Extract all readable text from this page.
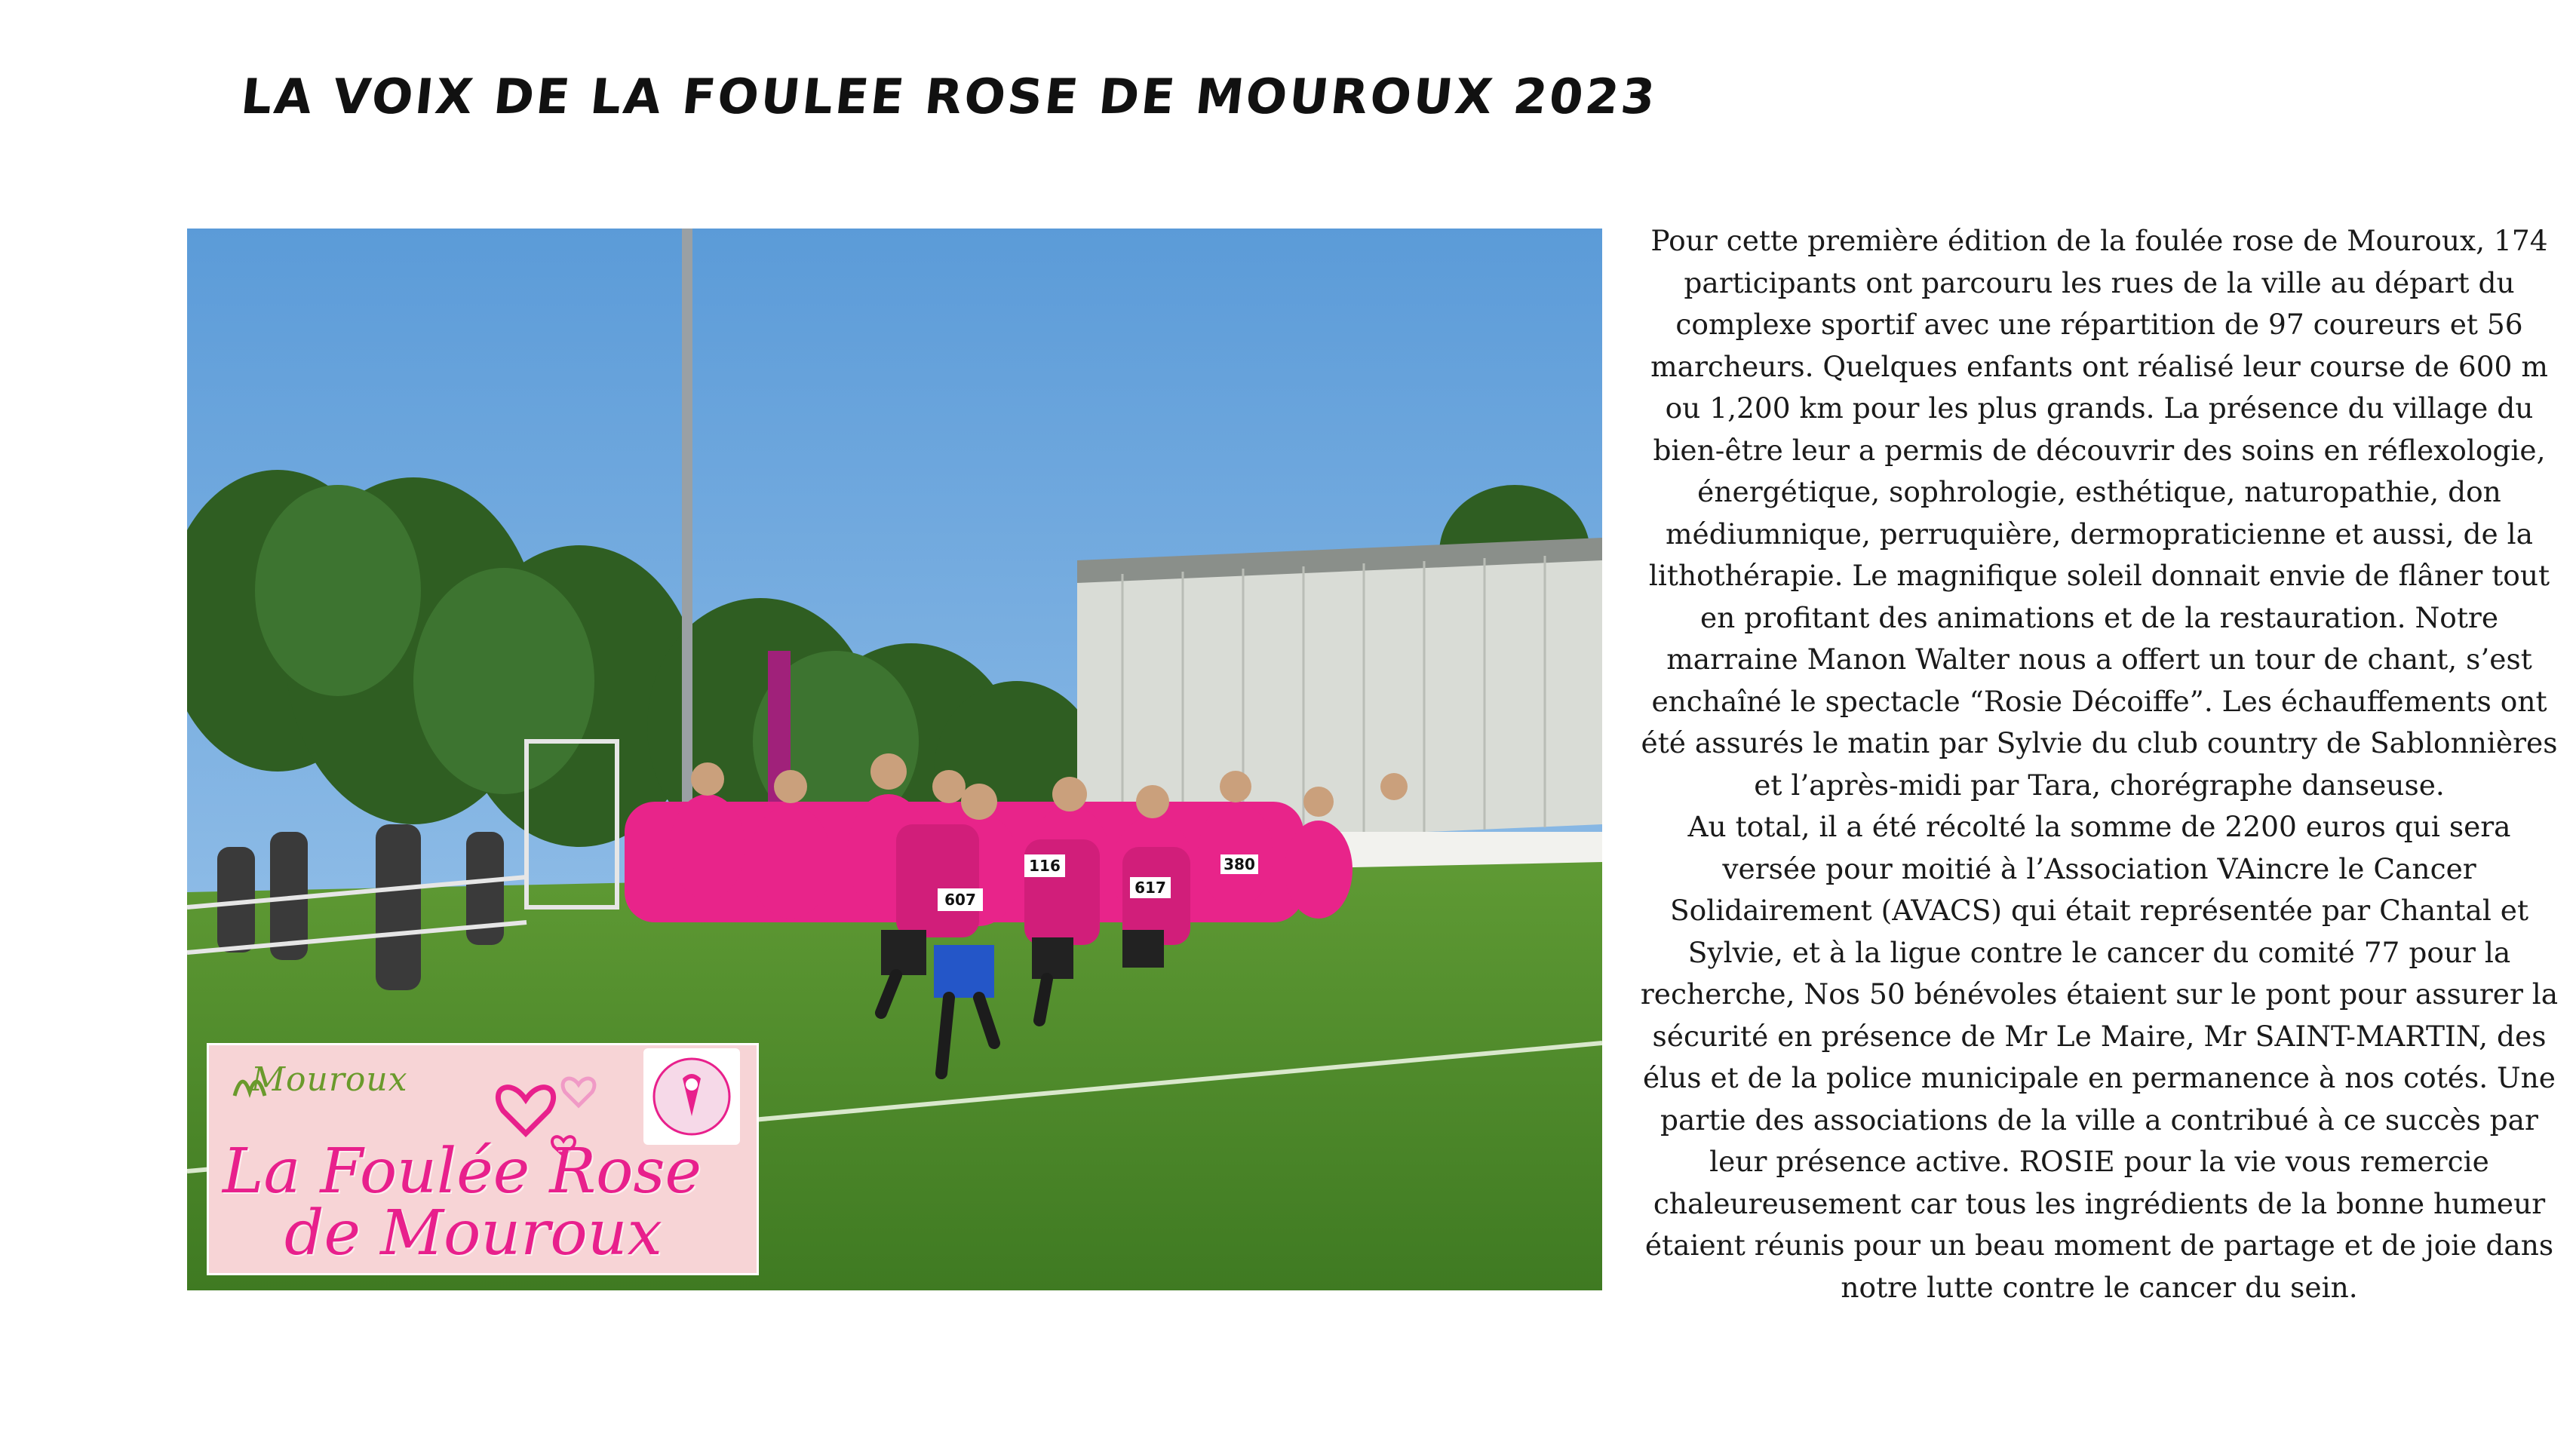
LA VOIX DE LA FOULEE ROSE DE MOUROUX 2023
607
116
617
380
Mouroux
La Foulée Rose
de Mouroux

Pour cette première édition de la foulée rose de Mouroux, 174 participants ont parcouru les rues de la ville au départ du complexe sportif avec une répartition de 97 coureurs et 56 marcheurs. Quelques enfants ont réalisé leur course de 600 m ou 1,200 km pour les plus grands. La présence du village du bien-être leur a permis de découvrir des soins en réflexologie, énergétique, sophrologie, esthétique, naturopathie, don médiumnique, perruquière, dermopraticienne et aussi, de la lithothérapie. Le magnifique soleil donnait envie de flâner tout en profitant des animations et de la restauration. Notre marraine Manon Walter nous a offert un tour de chant, s’est enchaîné le spectacle “Rosie Décoiffe”. Les échauffements ont été assurés le matin par Sylvie du club country de Sablonnières et l’après-midi par Tara, chorégraphe danseuse.

Au total, il a été récolté la somme de 2200 euros qui sera versée pour moitié à l’Association VAincre le Cancer Solidairement (AVACS) qui était représentée par Chantal et Sylvie, et à la ligue contre le cancer du comité 77 pour la recherche, Nos 50 bénévoles étaient sur le pont pour assurer la sécurité en présence de Mr Le Maire, Mr SAINT-MARTIN, des élus et de la police municipale en permanence à nos cotés. Une partie des associations de la ville a contribué à ce succès par leur présence active. ROSIE pour la vie vous remercie chaleureusement car tous les ingrédients de la bonne humeur étaient réunis pour un beau moment de partage et de joie dans notre lutte contre le cancer du sein.
